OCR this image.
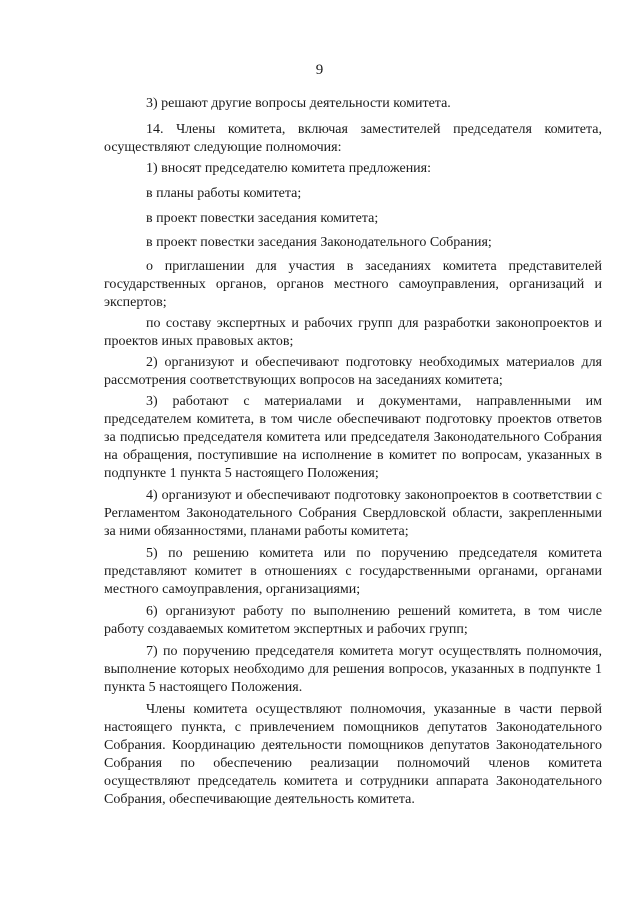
9

3) решают другие вопросы деятельности комитета.

14. Члены комитета, включая заместителей председателя комитета, осуществляют следующие полномочия:

1) вносят председателю комитета предложения:

в планы работы комитета;

в проект повестки заседания комитета;

в проект повестки заседания Законодательного Собрания;

о приглашении для участия в заседаниях комитета представителей государственных органов, органов местного самоуправления, организаций и экспертов;

по составу экспертных и рабочих групп для разработки законопроектов и проектов иных правовых актов;

2) организуют и обеспечивают подготовку необходимых материалов для рассмотрения соответствующих вопросов на заседаниях комитета;

3) работают с материалами и документами, направленными им председателем комитета, в том числе обеспечивают подготовку проектов ответов за подписью председателя комитета или председателя Законодательного Собрания на обращения, поступившие на исполнение в комитет по вопросам, указанных в подпункте 1 пункта 5 настоящего Положения;

4) организуют и обеспечивают подготовку законопроектов в соответствии с Регламентом Законодательного Собрания Свердловской области, закрепленными за ними обязанностями, планами работы комитета;

5) по решению комитета или по поручению председателя комитета представляют комитет в отношениях с государственными органами, органами местного самоуправления, организациями;

6) организуют работу по выполнению решений комитета, в том числе работу создаваемых комитетом экспертных и рабочих групп;

7) по поручению председателя комитета могут осуществлять полномочия, выполнение которых необходимо для решения вопросов, указанных в подпункте 1 пункта 5 настоящего Положения.

Члены комитета осуществляют полномочия, указанные в части первой настоящего пункта, с привлечением помощников депутатов Законодательного Собрания. Координацию деятельности помощников депутатов Законодательного Собрания по обеспечению реализации полномочий членов комитета осуществляют председатель комитета и сотрудники аппарата Законодательного Собрания, обеспечивающие деятельность комитета.
